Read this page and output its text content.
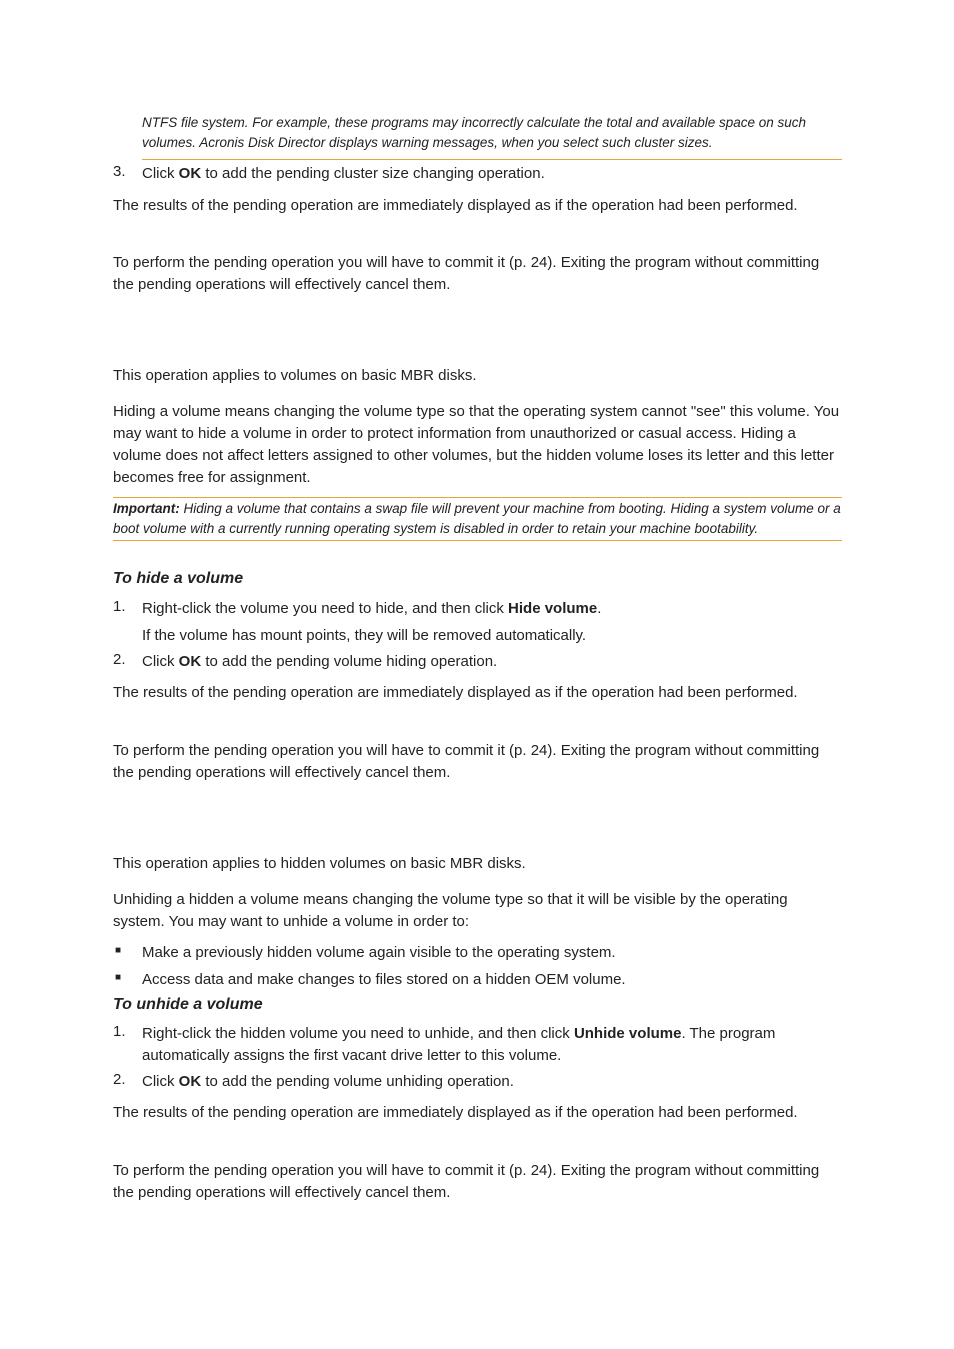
NTFS file system. For example, these programs may incorrectly calculate the total and available space on such volumes. Acronis Disk Director displays warning messages, when you select such cluster sizes.
3. Click OK to add the pending cluster size changing operation.

The results of the pending operation are immediately displayed as if the operation had been performed.

To perform the pending operation you will have to commit it (p. 24). Exiting the program without committing the pending operations will effectively cancel them.

This operation applies to volumes on basic MBR disks.

Hiding a volume means changing the volume type so that the operating system cannot "see" this volume. You may want to hide a volume in order to protect information from unauthorized or casual access. Hiding a volume does not affect letters assigned to other volumes, but the hidden volume loses its letter and this letter becomes free for assignment.

Important: Hiding a volume that contains a swap file will prevent your machine from booting. Hiding a system volume or a boot volume with a currently running operating system is disabled in order to retain your machine bootability.
To hide a volume
1. Right-click the volume you need to hide, and then click Hide volume.
If the volume has mount points, they will be removed automatically.
2. Click OK to add the pending volume hiding operation.

The results of the pending operation are immediately displayed as if the operation had been performed.

To perform the pending operation you will have to commit it (p. 24). Exiting the program without committing the pending operations will effectively cancel them.

This operation applies to hidden volumes on basic MBR disks.

Unhiding a hidden a volume means changing the volume type so that it will be visible by the operating system. You may want to unhide a volume in order to:

■ Make a previously hidden volume again visible to the operating system.
■ Access data and make changes to files stored on a hidden OEM volume.
To unhide a volume
1. Right-click the hidden volume you need to unhide, and then click Unhide volume. The program automatically assigns the first vacant drive letter to this volume.
2. Click OK to add the pending volume unhiding operation.

The results of the pending operation are immediately displayed as if the operation had been performed.

To perform the pending operation you will have to commit it (p. 24). Exiting the program without committing the pending operations will effectively cancel them.
